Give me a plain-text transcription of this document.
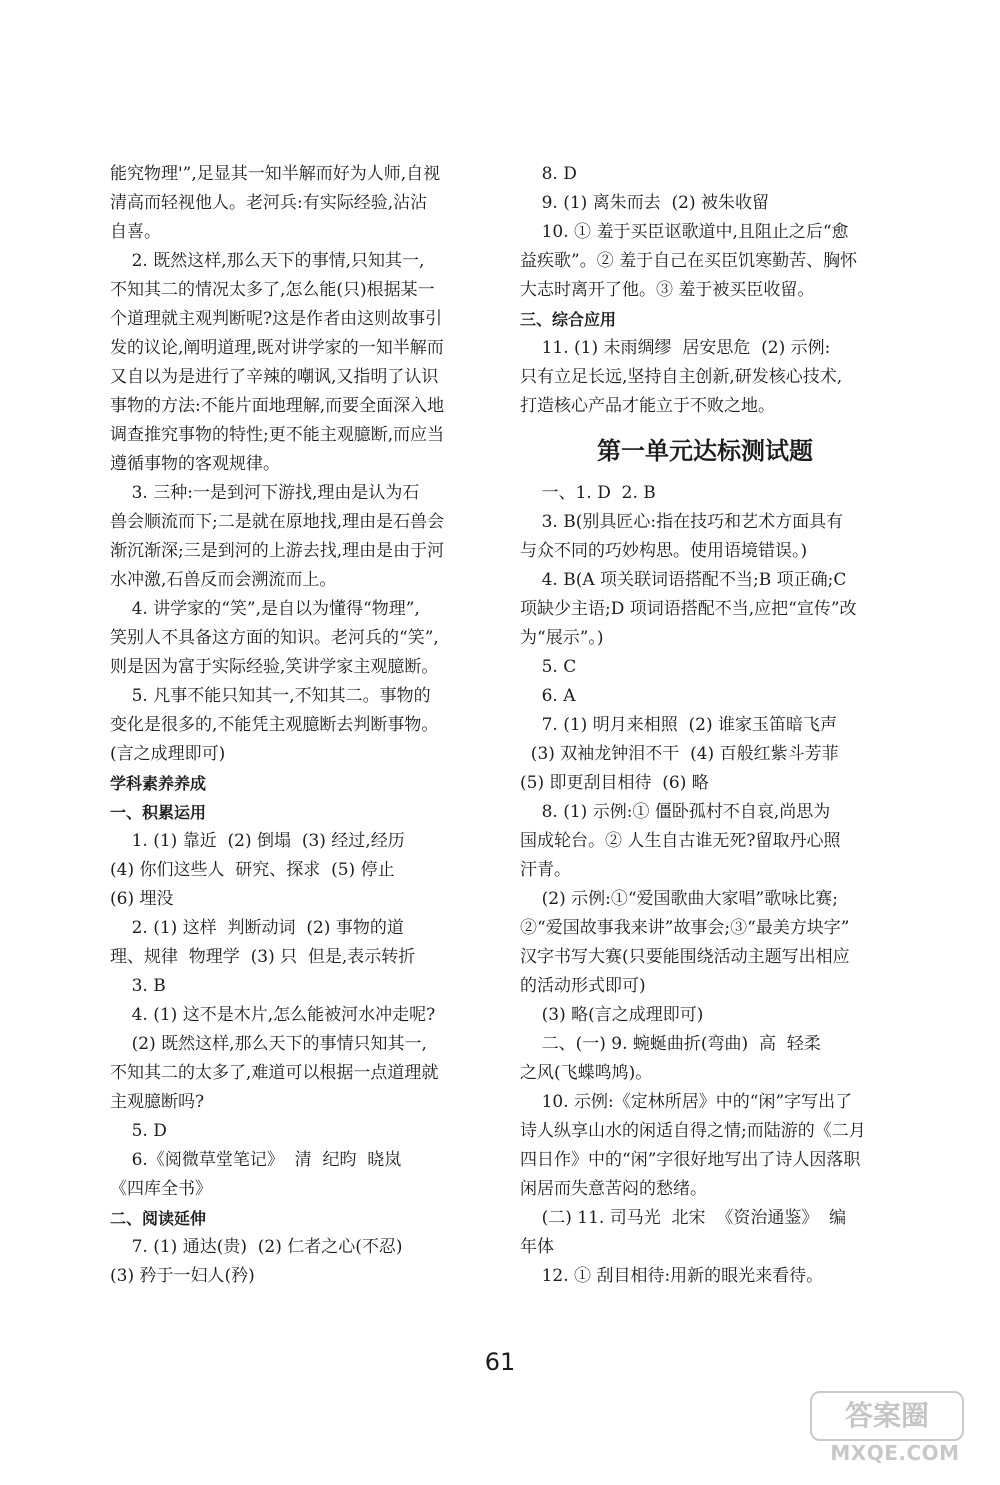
能究物理'”,足显其一知半解而好为人师,自视
清高而轻视他人。老河兵:有实际经验,沾沾
自喜。
2. 既然这样,那么天下的事情,只知其一,
不知其二的情况太多了,怎么能(只)根据某一
个道理就主观判断呢?这是作者由这则故事引
发的议论,阐明道理,既对讲学家的一知半解而
又自以为是进行了辛辣的嘲讽,又指明了认识
事物的方法:不能片面地理解,而要全面深入地
调查推究事物的特性;更不能主观臆断,而应当
遵循事物的客观规律。
3. 三种:一是到河下游找,理由是认为石
兽会顺流而下;二是就在原地找,理由是石兽会
渐沉渐深;三是到河的上游去找,理由是由于河
水冲激,石兽反而会溯流而上。
4. 讲学家的“笑”,是自以为懂得“物理”,
笑别人不具备这方面的知识。老河兵的“笑”,
则是因为富于实际经验,笑讲学家主观臆断。
5. 凡事不能只知其一,不知其二。事物的
变化是很多的,不能凭主观臆断去判断事物。
(言之成理即可)
学科素养养成
一、积累运用
1. (1) 靠近  (2) 倒塌  (3) 经过,经历
(4) 你们这些人  研究、探求  (5) 停止
(6) 埋没
2. (1) 这样  判断动词  (2) 事物的道
理、规律  物理学  (3) 只  但是,表示转折
3. B
4. (1) 这不是木片,怎么能被河水冲走呢?
(2) 既然这样,那么天下的事情只知其一,
不知其二的太多了,难道可以根据一点道理就
主观臆断吗?
5. D
6.《阅微草堂笔记》  清  纪昀  晓岚
《四库全书》
二、阅读延伸
7. (1) 通达(贵)  (2) 仁者之心(不忍)
(3) 矜于一妇人(矜)
8. D
9. (1) 离朱而去  (2) 被朱收留
10. ① 羞于买臣讴歌道中,且阻止之后“愈
益疾歌”。② 羞于自己在买臣饥寒勤苦、胸怀
大志时离开了他。③ 羞于被买臣收留。
三、综合应用
11. (1) 未雨绸缪  居安思危  (2) 示例:
只有立足长远,坚持自主创新,研发核心技术,
打造核心产品才能立于不败之地。
第一单元达标测试题
一、1. D  2. B
3. B(别具匠心:指在技巧和艺术方面具有
与众不同的巧妙构思。使用语境错误。)
4. B(A 项关联词语搭配不当;B 项正确;C
项缺少主语;D 项词语搭配不当,应把“宣传”改
为“展示”。)
5. C
6. A
7. (1) 明月来相照  (2) 谁家玉笛暗飞声
(3) 双袖龙钟泪不干  (4) 百般红紫斗芳菲
(5) 即更刮目相待  (6) 略
8. (1) 示例:① 僵卧孤村不自哀,尚思为
国成轮台。② 人生自古谁无死?留取丹心照
汗青。
(2) 示例:①“爱国歌曲大家唱”歌咏比赛;
②“爱国故事我来讲”故事会;③“最美方块字”
汉字书写大赛(只要能围绕活动主题写出相应
的活动形式即可)
(3) 略(言之成理即可)
二、(一) 9. 蜿蜒曲折(弯曲)  高  轻柔
之风(飞蝶鸣鸠)。
10. 示例:《定林所居》中的“闲”字写出了
诗人纵享山水的闲适自得之情;而陆游的《二月
四日作》中的“闲”字很好地写出了诗人因落职
闲居而失意苦闷的愁绪。
(二) 11. 司马光  北宋  《资治通鉴》  编
年体
12. ① 刮目相待:用新的眼光来看待。
61
答案圈
MXQE.COM
